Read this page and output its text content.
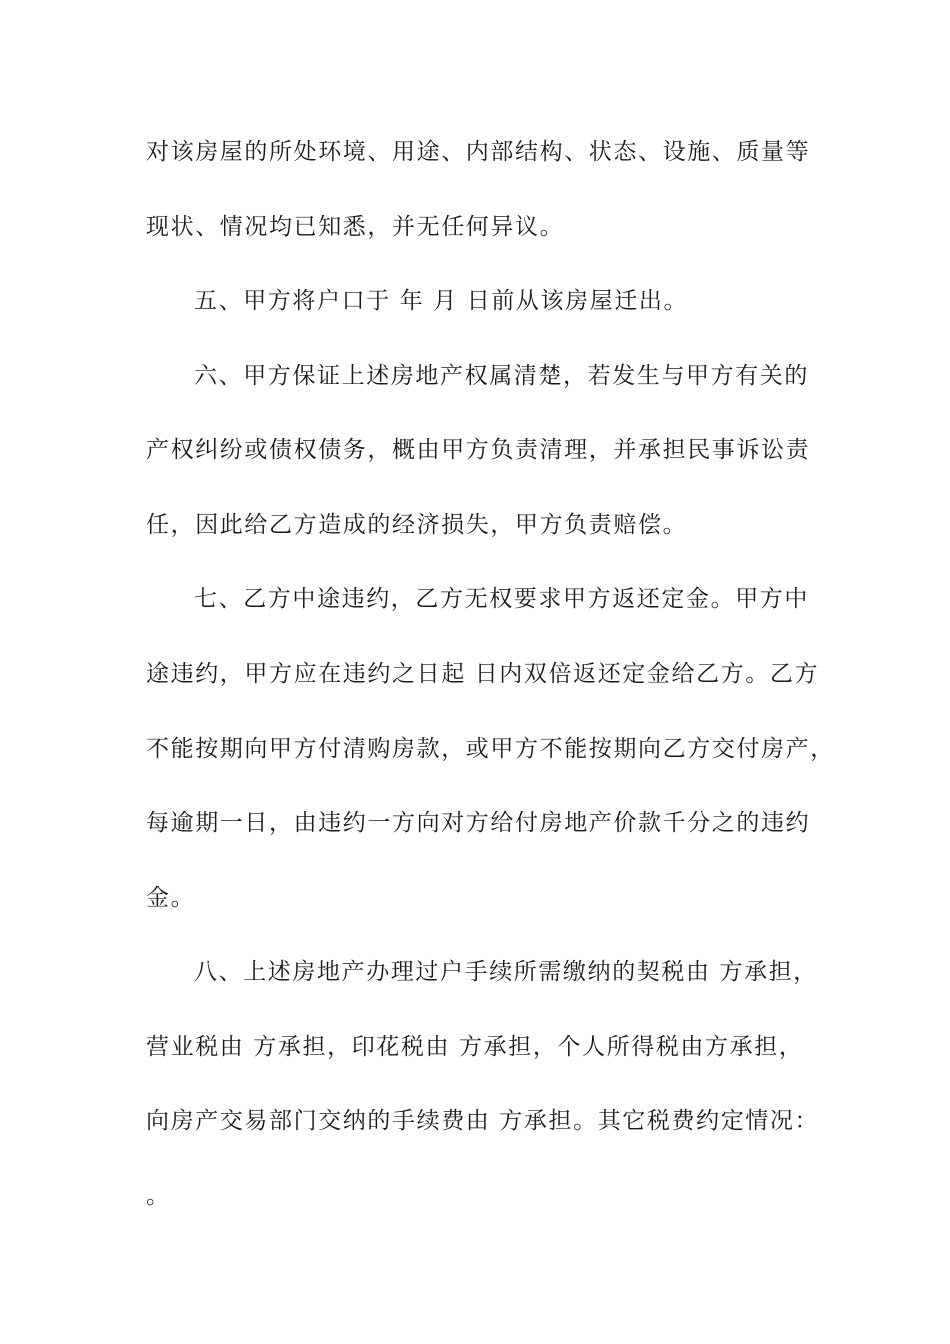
对该房屋的所处环境、用途、内部结构、状态、设施、质量等
现状、情况均已知悉，并无任何异议。
五、甲方将户口于 年 月 日前从该房屋迁出。
六、甲方保证上述房地产权属清楚，若发生与甲方有关的
产权纠纷或债权债务，概由甲方负责清理，并承担民事诉讼责
任，因此给乙方造成的经济损失，甲方负责赔偿。
七、乙方中途违约，乙方无权要求甲方返还定金。甲方中
途违约，甲方应在违约之日起 日内双倍返还定金给乙方。乙方
不能按期向甲方付清购房款，或甲方不能按期向乙方交付房产，
每逾期一日，由违约一方向对方给付房地产价款千分之的违约
金。
八、上述房地产办理过户手续所需缴纳的契税由 方承担，
营业税由 方承担，印花税由 方承担，个人所得税由方承担，
向房产交易部门交纳的手续费由 方承担。其它税费约定情况：
。
